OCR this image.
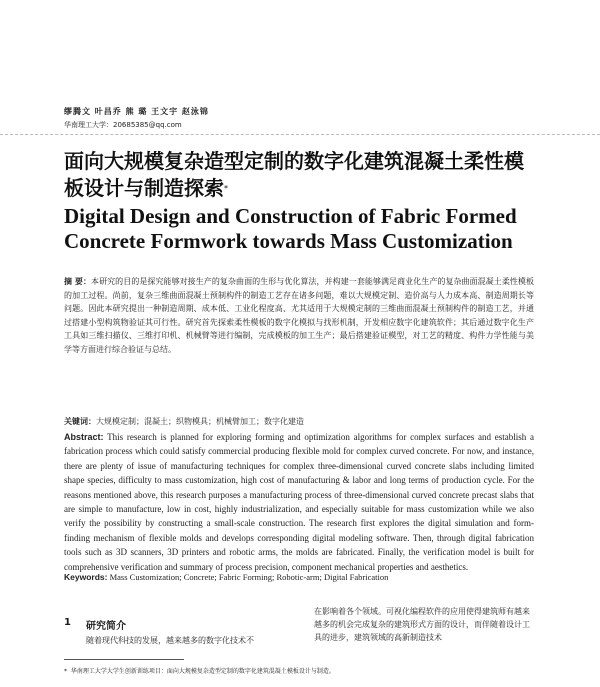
缪腾文 叶昌乔 熊 璐 王文宇 赵泳锦
华南理工大学：20685385@qq.com
面向大规模复杂造型定制的数字化建筑混凝土柔性模板设计与制造探索*
Digital Design and Construction of Fabric Formed Concrete Formwork towards Mass Customization
摘 要：本研究的目的是探究能够对接生产的复杂曲面的生形与优化算法，并构建一套能够满足商业化生产的复杂曲面混凝土柔性模板的加工过程。尚前，复杂三维曲面混凝土预制构件的制造工艺存在诸多问题，难以大规模定制、造价高与人力成本高、制造周期长等问题。因此本研究提出一种制造周期、成本低、工业化程度高、尤其适用于大规模定制的三维曲面混凝土预制构件的制造工艺，并通过搭建小型构筑物验证其可行性。研究首先探索柔性模板的数字化模拟与找形机制，开发相应数字化建筑软件；其后通过数字化生产工具如三维扫描仪、三维打印机、机械臂等进行编制，完成模板的加工生产；最后搭建验证模型，对工艺的精度、构件力学性能与美学等方面进行综合验证与总结。
关键词：大规模定制；混凝土；织物模具；机械臂加工；数字化建造
Abstract: This research is planned for exploring forming and optimization algorithms for complex surfaces and establish a fabrication process which could satisfy commercial producing flexible mold for complex curved concrete. For now, and instance, there are plenty of issue of manufacturing techniques for complex three-dimensional curved concrete slabs including limited shape species, difficulty to mass customization, high cost of manufacturing & labor and long terms of production cycle. For the reasons mentioned above, this research purposes a manufacturing process of three-dimensional curved concrete precast slabs that are simple to manufacture, low in cost, highly industrialization, and especially suitable for mass customization while we also verify the possibility by constructing a small-scale construction. The research first explores the digital simulation and form-finding mechanism of flexible molds and develops corresponding digital modeling software. Then, through digital fabrication tools such as 3D scanners, 3D printers and robotic arms, the molds are fabricated. Finally, the verification model is built for comprehensive verification and summary of process precision, component mechanical properties and aesthetics.
Keywords: Mass Customization; Concrete; Fabric Forming; Robotic-arm; Digital Fabrication
1 研究简介
随着现代科技的发展，越来越多的数字化技术不
在影响着各个领域。可视化编程软件的应用使得建筑师有越来越多的机会完成复杂的建筑形式方面的设计，而伴随着设计工具的进步，建筑领域的高新制造技术
* 华南理工大学大学生创新训练项目：面向大规模复杂造型定制的数字化建筑混凝土模板设计与制造。
